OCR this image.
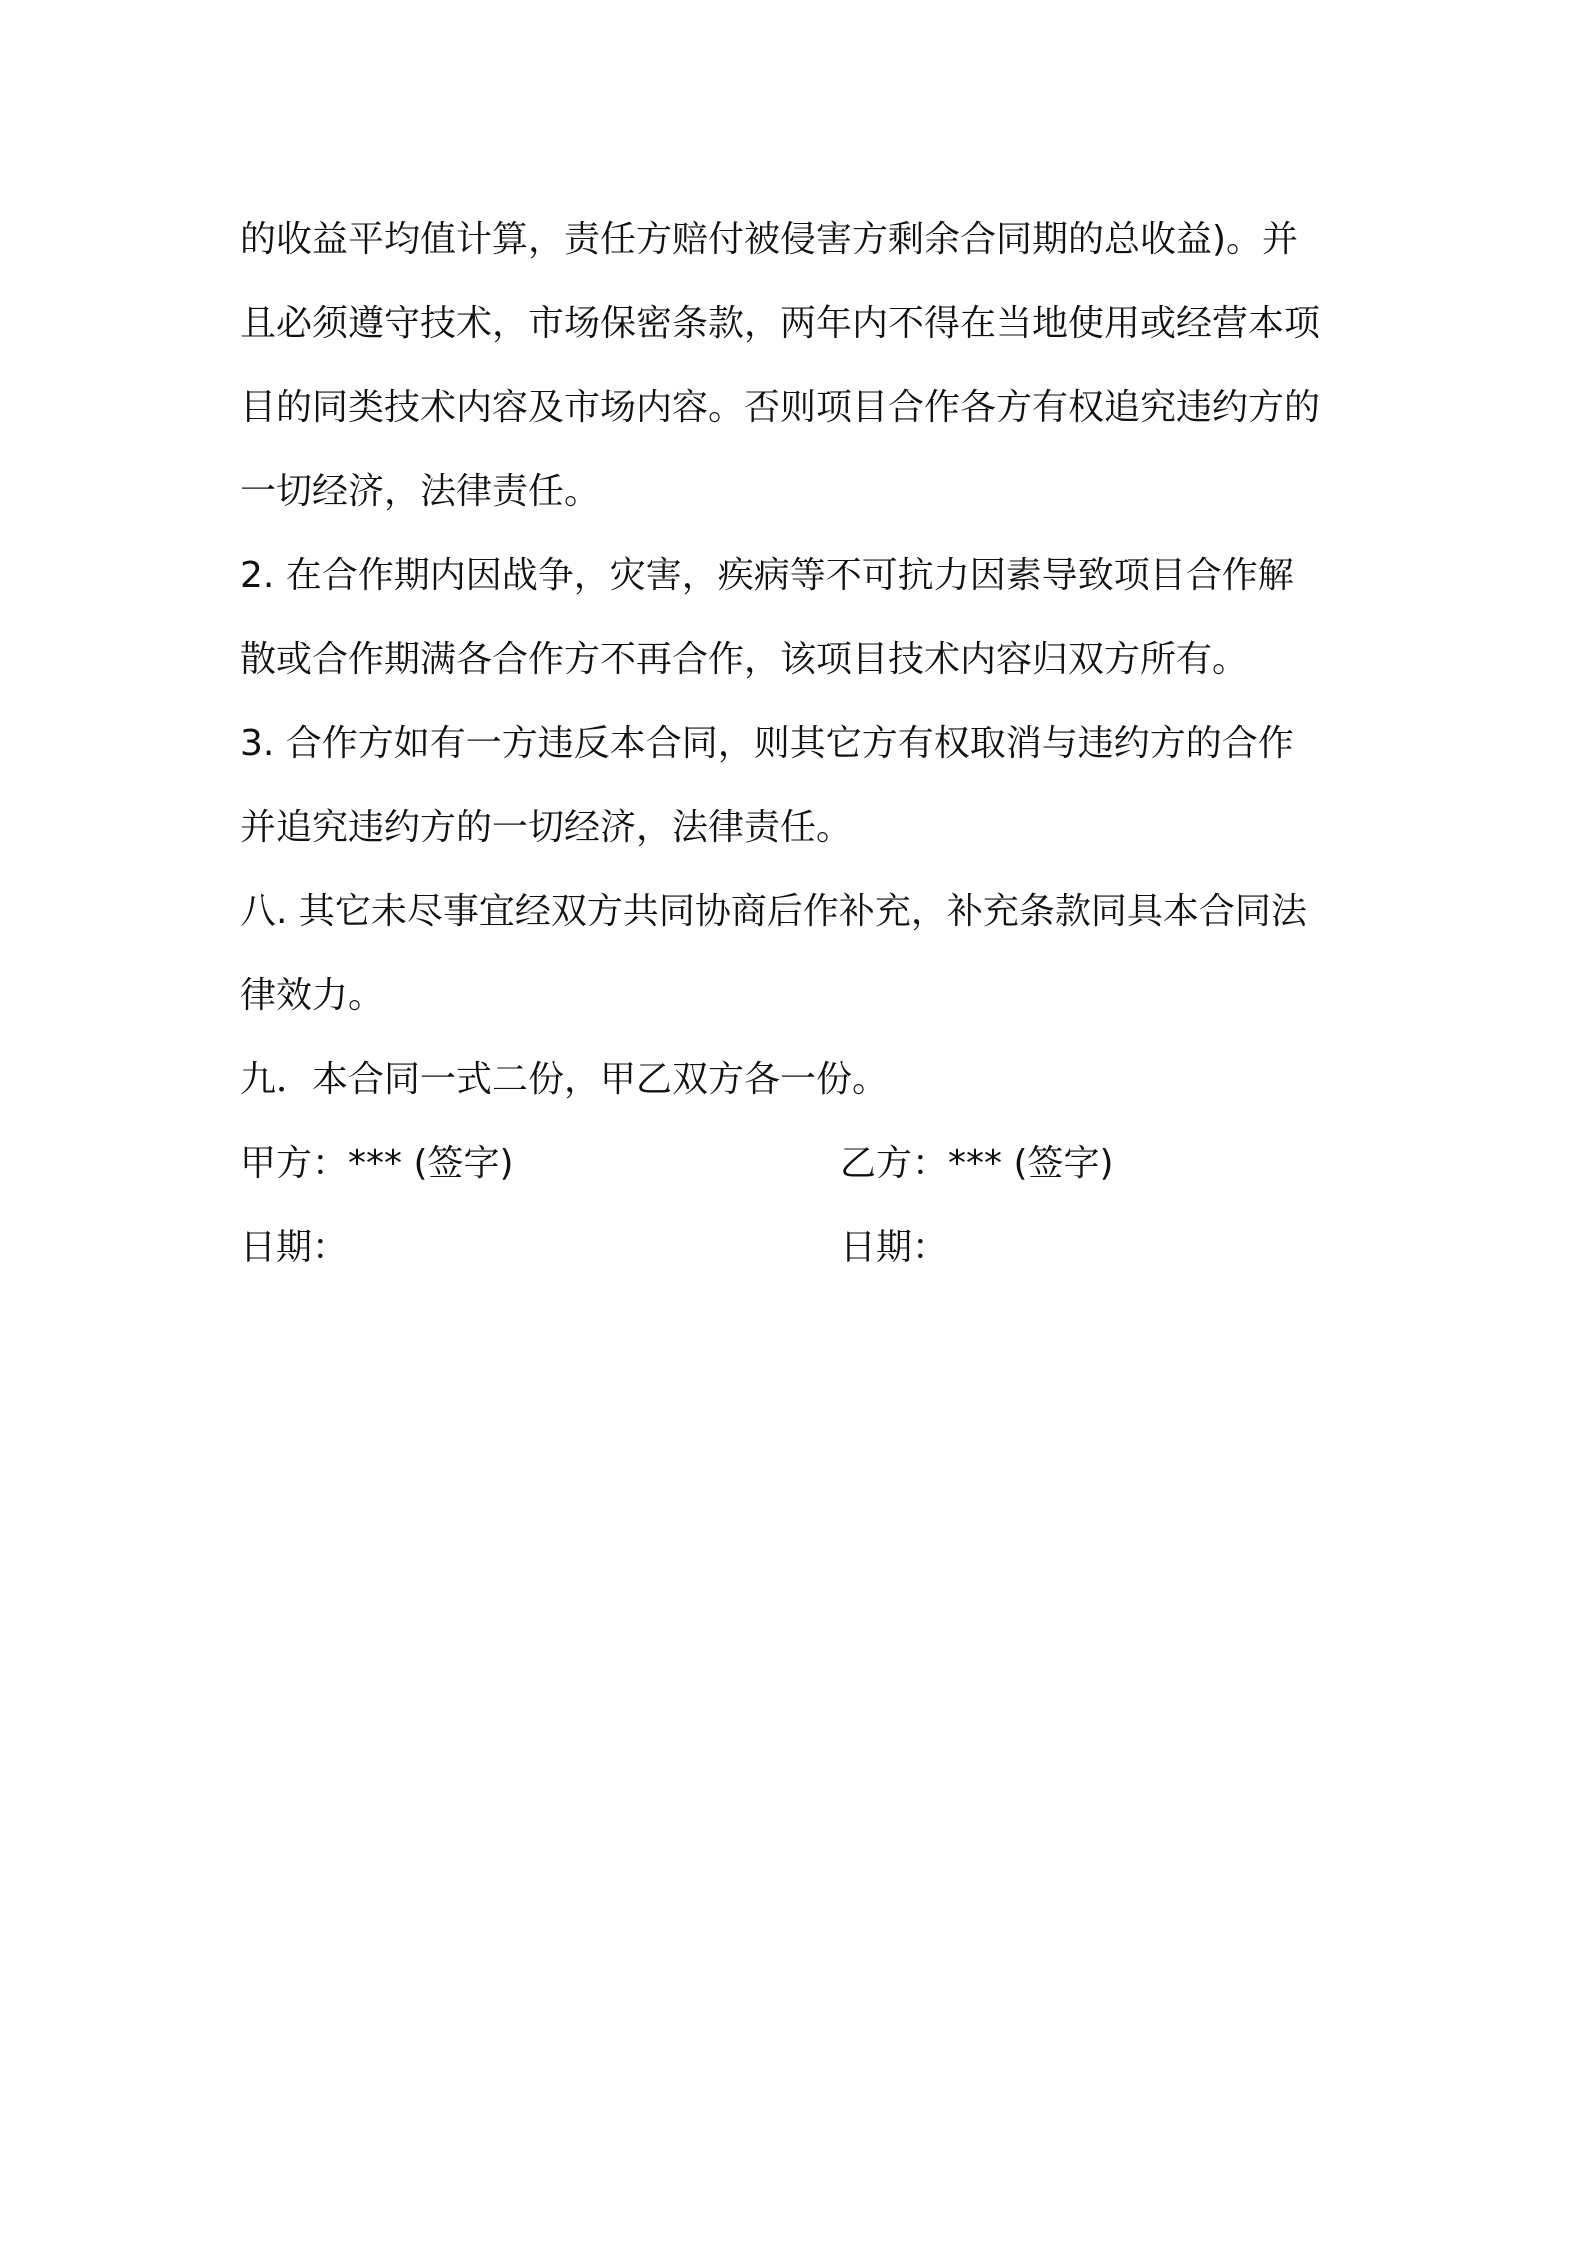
的收益平均值计算，责任方赔付被侵害方剩余合同期的总收益)。并
且必须遵守技术，市场保密条款，两年内不得在当地使用或经营本项
目的同类技术内容及市场内容。否则项目合作各方有权追究违约方的
一切经济，法律责任。
2. 在合作期内因战争，灾害，疾病等不可抗力因素导致项目合作解
散或合作期满各合作方不再合作，该项目技术内容归双方所有。
3. 合作方如有一方违反本合同，则其它方有权取消与违约方的合作
并追究违约方的一切经济，法律责任。
八. 其它未尽事宜经双方共同协商后作补充，补充条款同具本合同法
律效力。
九．本合同一式二份，甲乙双方各一份。
甲方：*** (签字)	乙方：*** (签字)
日期：	日期：
